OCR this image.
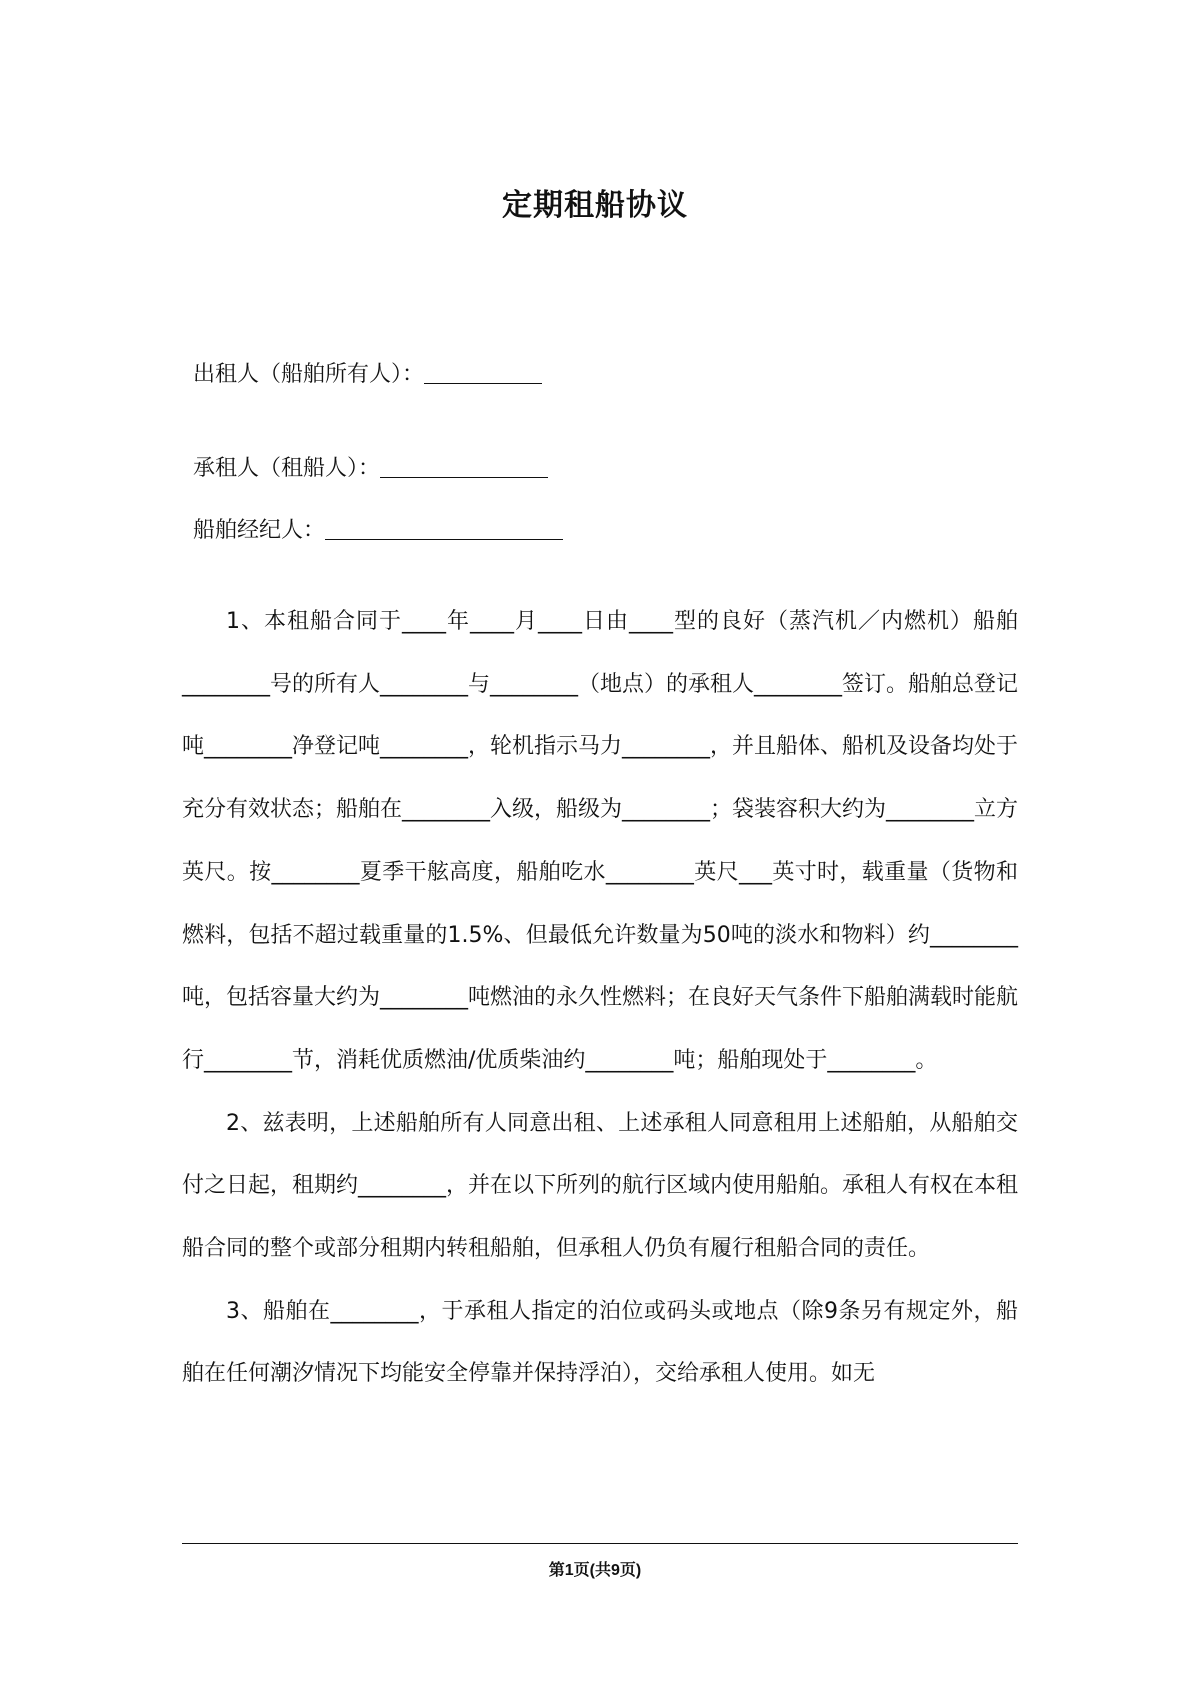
定期租船协议
出租人（船舶所有人）：
承租人（租船人）：
船舶经纪人：

1、本租船合同于____年____月____日由____型的良好（蒸汽机／内燃机）船舶________号的所有人________与________（地点）的承租人________签订。船舶总登记吨________净登记吨________，轮机指示马力________，并且船体、船机及设备均处于充分有效状态；船舶在________入级，船级为________；袋装容积大约为________立方英尺。按________夏季干舷高度，船舶吃水________英尺___英寸时，载重量（货物和燃料，包括不超过载重量的1.5%、但最低允许数量为50吨的淡水和物料）约________吨，包括容量大约为________吨燃油的永久性燃料；在良好天气条件下船舶满载时能航行________节，消耗优质燃油/优质柴油约________吨；船舶现处于________。

2、兹表明，上述船舶所有人同意出租、上述承租人同意租用上述船舶，从船舶交付之日起，租期约________，并在以下所列的航行区域内使用船舶。承租人有权在本租船合同的整个或部分租期内转租船舶，但承租人仍负有履行租船合同的责任。

3、船舶在________，于承租人指定的泊位或码头或地点（除9条另有规定外，船舶在任何潮汐情况下均能安全停靠并保持浮泊），交给承租人使用。如无

第1页(共9页)
